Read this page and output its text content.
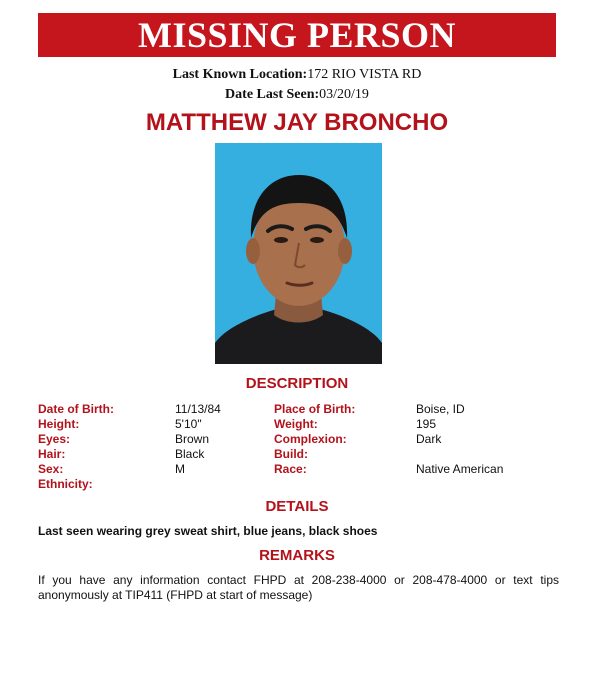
MISSING PERSON
Last Known Location:172 RIO VISTA RD
Date Last Seen:03/20/19
MATTHEW JAY BRONCHO
DESCRIPTION
Date of Birth:
Height:
Eyes:
Hair:
Sex:
Ethnicity:
11/13/84
5'10"
Brown
Black
M
Place of Birth:
Weight:
Complexion:
Build:
Race:
Boise, ID
195
Dark
Native American
DETAILS
Last seen wearing grey sweat shirt, blue jeans, black shoes
REMARKS
If you have any information contact FHPD at 208-238-4000 or 208-478-4000 or text tips anonymously at TIP411 (FHPD at start of message)
